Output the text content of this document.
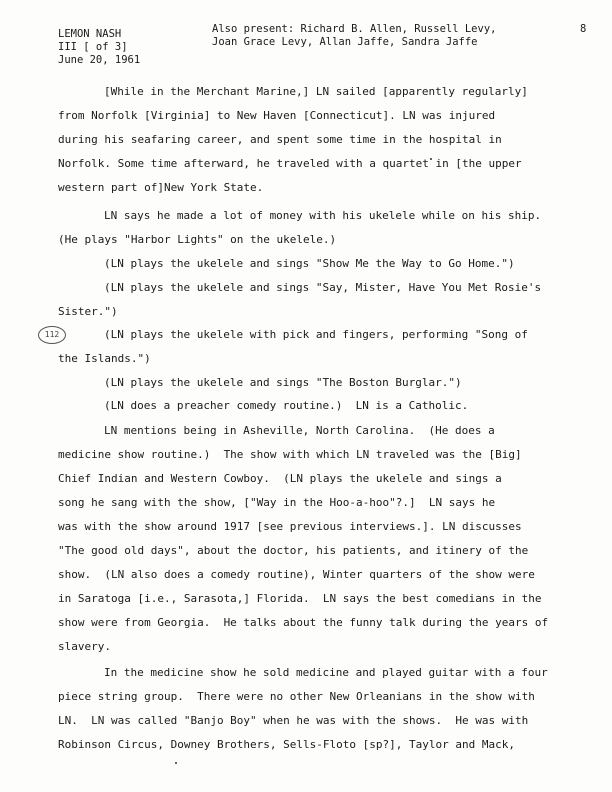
LEMON NASH
III [ of 3]
June 20, 1961
Also present: Richard B. Allen, Russell Levy,
Joan Grace Levy, Allan Jaffe, Sandra Jaffe
8
112
[While in the Merchant Marine,] LN sailed [apparently regularly]
from Norfolk [Virginia] to New Haven [Connecticut]. LN was injured
during his seafaring career, and spent some time in the hospital in
Norfolk. Some time afterward, he traveled with a quartet in [the upper
western part of]New York State.
LN says he made a lot of money with his ukelele while on his ship.
(He plays "Harbor Lights" on the ukelele.)
(LN plays the ukelele and sings "Show Me the Way to Go Home.")
(LN plays the ukelele and sings "Say, Mister, Have You Met Rosie's
Sister.")
(LN plays the ukelele with pick and fingers, performing "Song of
the Islands.")
(LN plays the ukelele and sings "The Boston Burglar.")
(LN does a preacher comedy routine.)  LN is a Catholic.
LN mentions being in Asheville, North Carolina.  (He does a
medicine show routine.)  The show with which LN traveled was the [Big]
Chief Indian and Western Cowboy.  (LN plays the ukelele and sings a
song he sang with the show, ["Way in the Hoo-a-hoo"?.]  LN says he
was with the show around 1917 [see previous interviews.]. LN discusses
"The good old days", about the doctor, his patients, and itinery of the
show.  (LN also does a comedy routine), Winter quarters of the show were
in Saratoga [i.e., Sarasota,] Florida.  LN says the best comedians in the
show were from Georgia.  He talks about the funny talk during the years of
slavery.
In the medicine show he sold medicine and played guitar with a four
piece string group.  There were no other New Orleanians in the show with
LN.  LN was called "Banjo Boy" when he was with the shows.  He was with
Robinson Circus, Downey Brothers, Sells-Floto [sp?], Taylor and Mack,
